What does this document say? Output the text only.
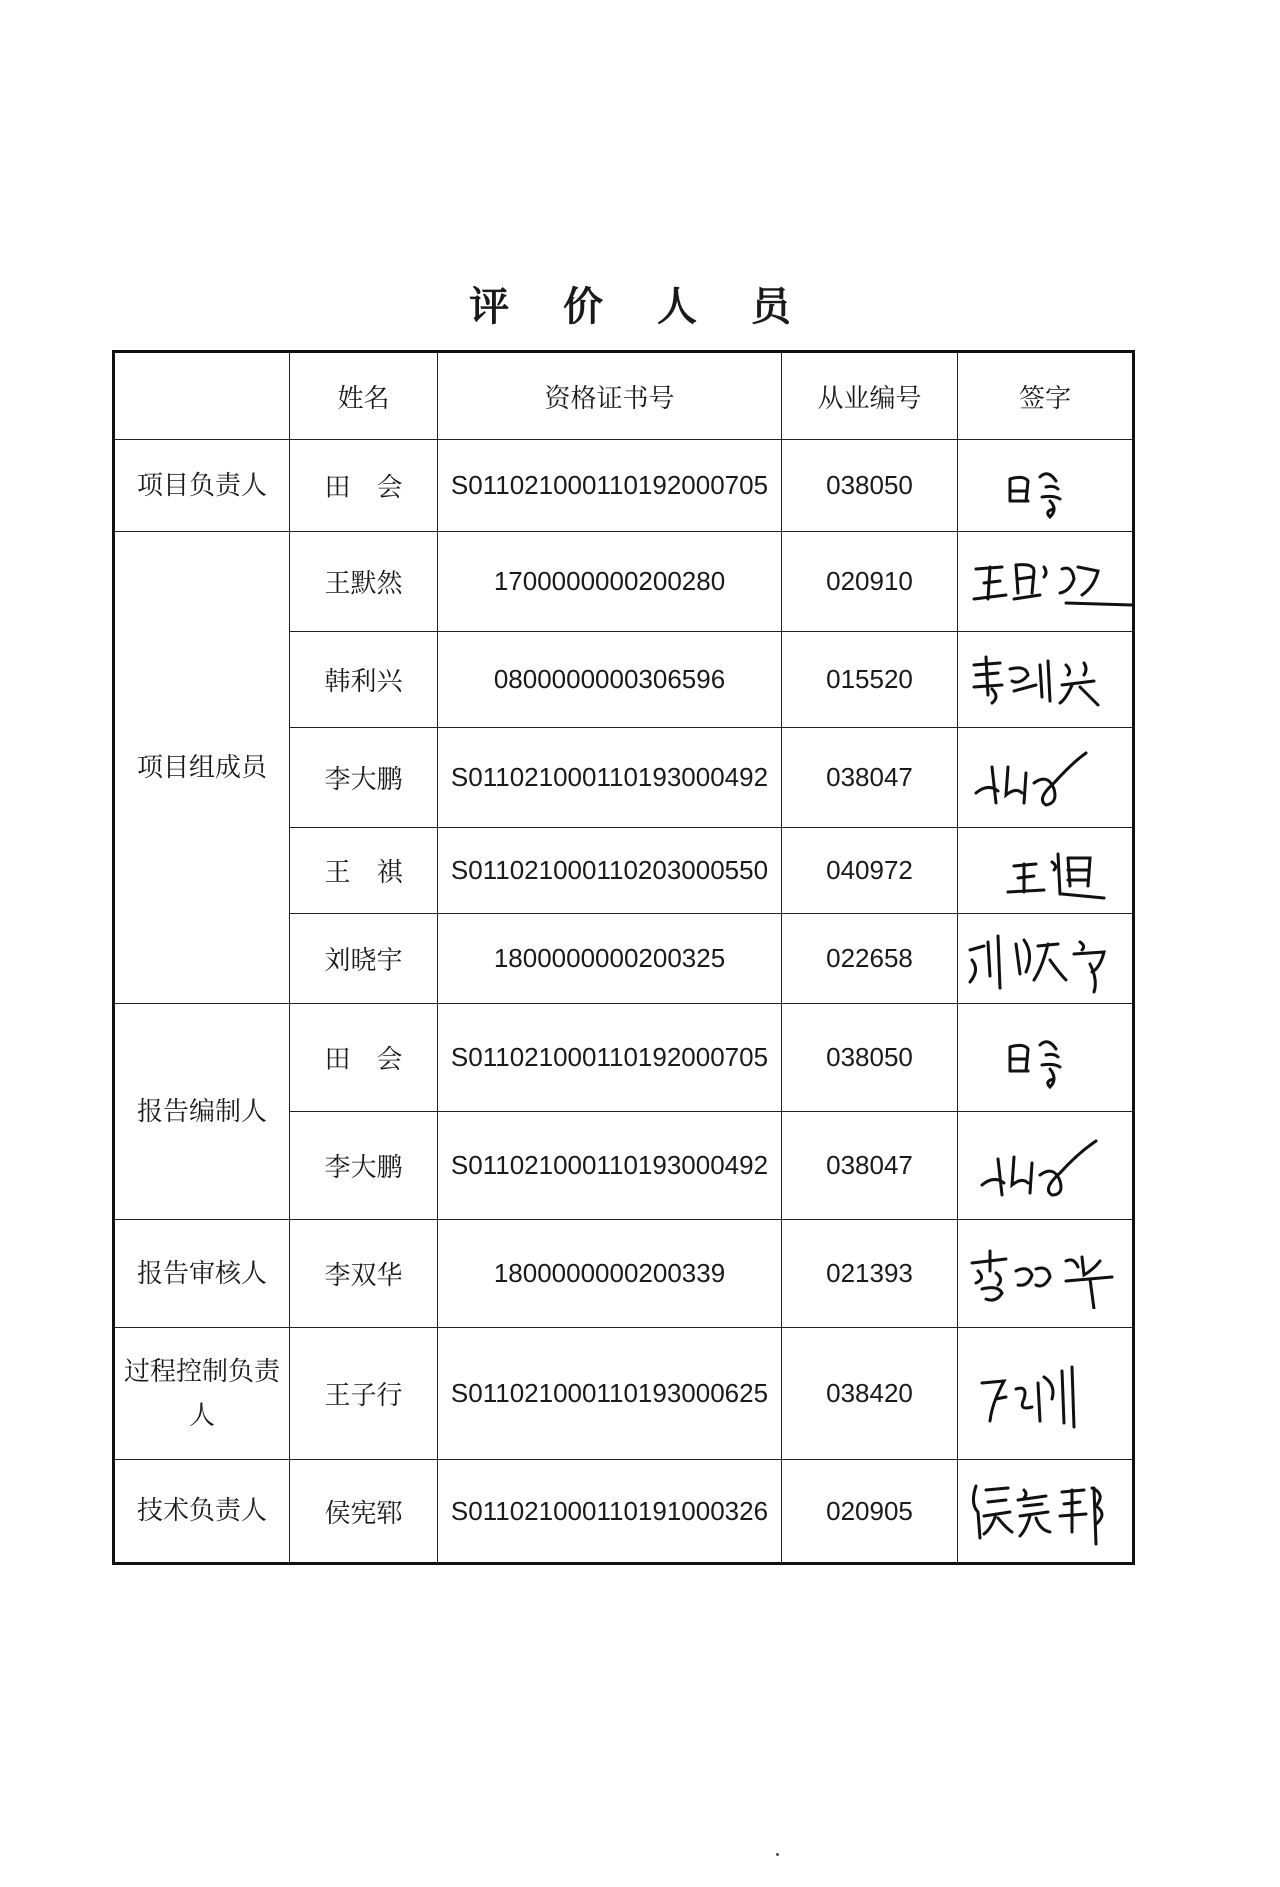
评 价 人 员
	姓名	资格证书号	从业编号	签字
项目负责人	田　会	S011021000110192000705	038050	

项目组成员	王默然	1700000000200280	020910	

	韩利兴	0800000000306596	015520	

	李大鹏	S011021000110193000492	038047	

	王　祺	S011021000110203000550	040972	

	刘晓宇	1800000000200325	022658	

报告编制人	田　会	S011021000110192000705	038050	

	李大鹏	S011021000110193000492	038047	

报告审核人	李双华	1800000000200339	021393	

过程控制负责人	王子行	S011021000110193000625	038420	

技术负责人	侯宪郓	S011021000110191000326	020905	
